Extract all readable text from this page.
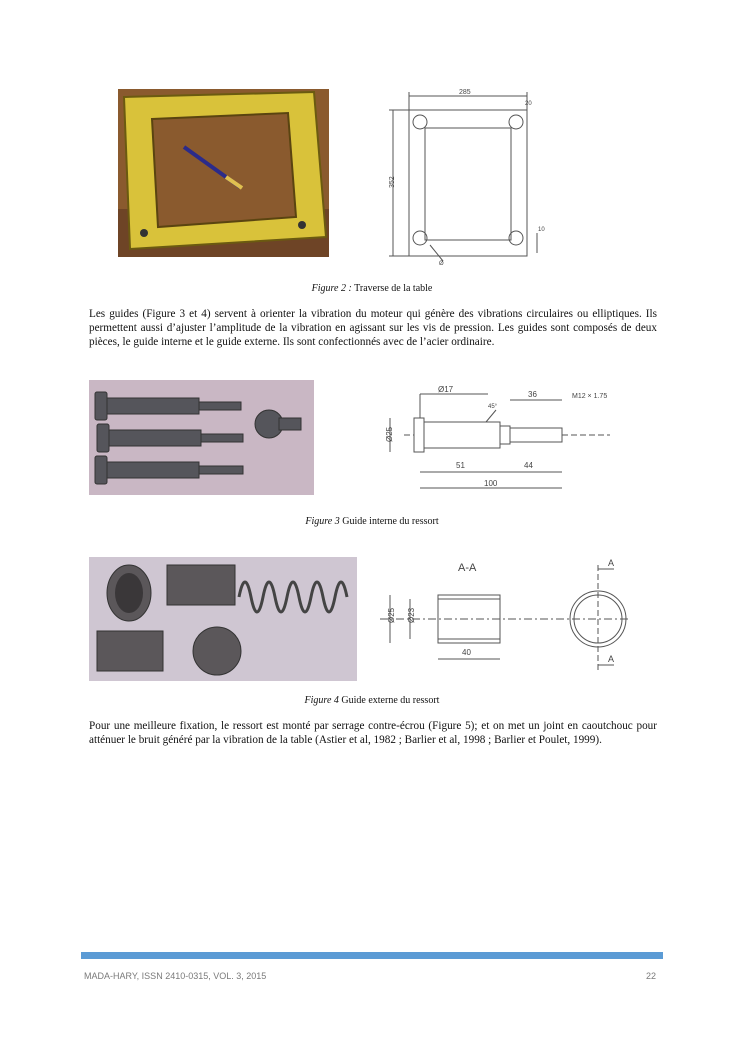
285
20
352
10
Ø
Figure 2 : Traverse de la table
Les guides (Figure 3 et 4) servent à orienter la vibration du moteur qui génère des vibrations circulaires ou elliptiques. Ils permettent aussi d’ajuster l’amplitude de la vibration en agissant sur les vis de pression. Les guides sont composés de deux pièces, le guide interne et le guide externe. Ils sont confectionnés avec de l’acier ordinaire.
Ø17
36	M12 × 1.75
45°
Ø25
51	44
100
Figure 3 Guide interne du ressort
A-A
Ø25 Ø23
40
A
A
Figure 4 Guide externe du ressort
Pour une meilleure fixation, le ressort est monté par serrage contre-écrou (Figure 5); et on met un joint en caoutchouc pour atténuer le bruit généré par la vibration de la table (Astier et al, 1982 ; Barlier et al, 1998 ; Barlier et Poulet, 1999).
MADA-HARY, ISSN 2410-0315, VOL. 3, 2015	22
